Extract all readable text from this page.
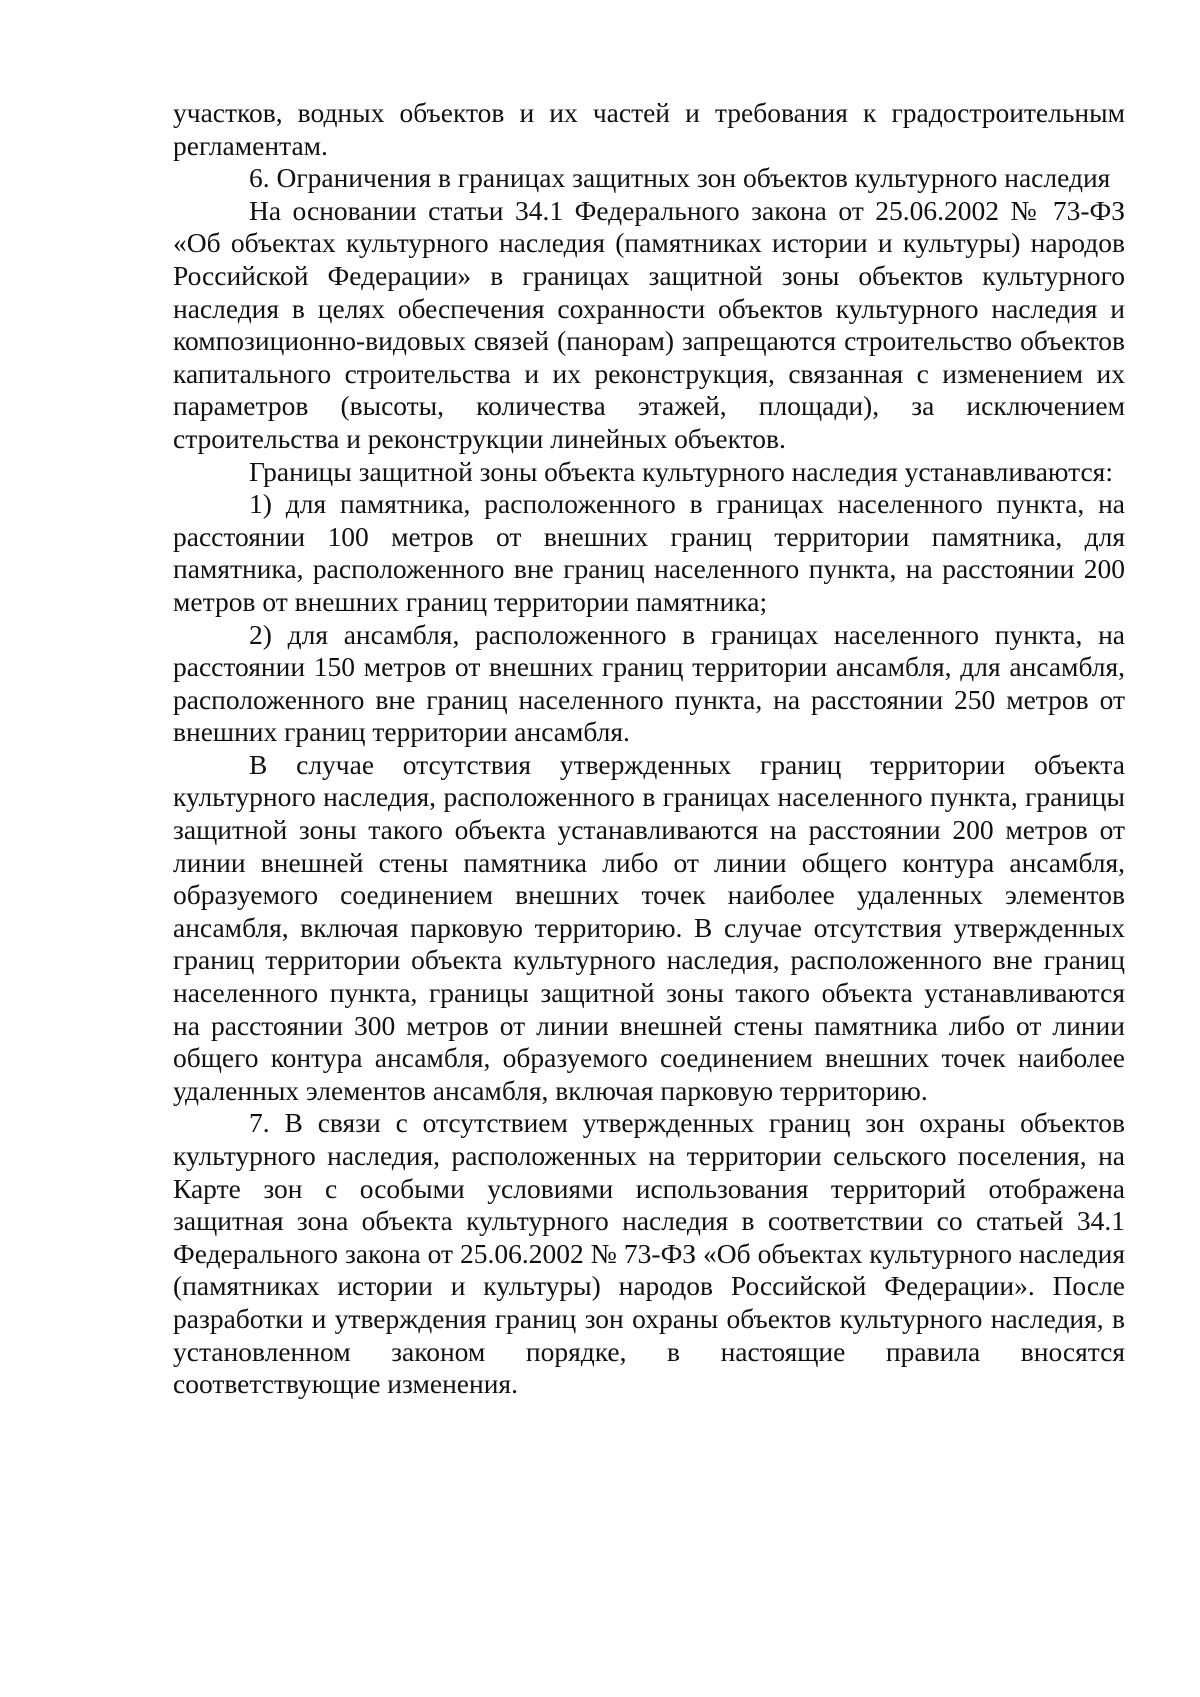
участков, водных объектов и их частей и требования к градостроительным регламентам.

6. Ограничения в границах защитных зон объектов культурного наследия

На основании статьи 34.1 Федерального закона от 25.06.2002 № 73-ФЗ «Об объектах культурного наследия (памятниках истории и культуры) народов Российской Федерации» в границах защитной зоны объектов культурного наследия в целях обеспечения сохранности объектов культурного наследия и композиционно-видовых связей (панорам) запрещаются строительство объектов капитального строительства и их реконструкция, связанная с изменением их параметров (высоты, количества этажей, площади), за исключением строительства и реконструкции линейных объектов.

Границы защитной зоны объекта культурного наследия устанавливаются:

1) для памятника, расположенного в границах населенного пункта, на расстоянии 100 метров от внешних границ территории памятника, для памятника, расположенного вне границ населенного пункта, на расстоянии 200 метров от внешних границ территории памятника;

2) для ансамбля, расположенного в границах населенного пункта, на расстоянии 150 метров от внешних границ территории ансамбля, для ансамбля, расположенного вне границ населенного пункта, на расстоянии 250 метров от внешних границ территории ансамбля.

В случае отсутствия утвержденных границ территории объекта культурного наследия, расположенного в границах населенного пункта, границы защитной зоны такого объекта устанавливаются на расстоянии 200 метров от линии внешней стены памятника либо от линии общего контура ансамбля, образуемого соединением внешних точек наиболее удаленных элементов ансамбля, включая парковую территорию. В случае отсутствия утвержденных границ территории объекта культурного наследия, расположенного вне границ населенного пункта, границы защитной зоны такого объекта устанавливаются на расстоянии 300 метров от линии внешней стены памятника либо от линии общего контура ансамбля, образуемого соединением внешних точек наиболее удаленных элементов ансамбля, включая парковую территорию.

7. В связи с отсутствием утвержденных границ зон охраны объектов культурного наследия, расположенных на территории сельского поселения, на Карте зон с особыми условиями использования территорий отображена защитная зона объекта культурного наследия в соответствии со статьей 34.1 Федерального закона от 25.06.2002 № 73-ФЗ «Об объектах культурного наследия (памятниках истории и культуры) народов Российской Федерации». После разработки и утверждения границ зон охраны объектов культурного наследия, в установленном законом порядке, в настоящие правила вносятся соответствующие изменения.
